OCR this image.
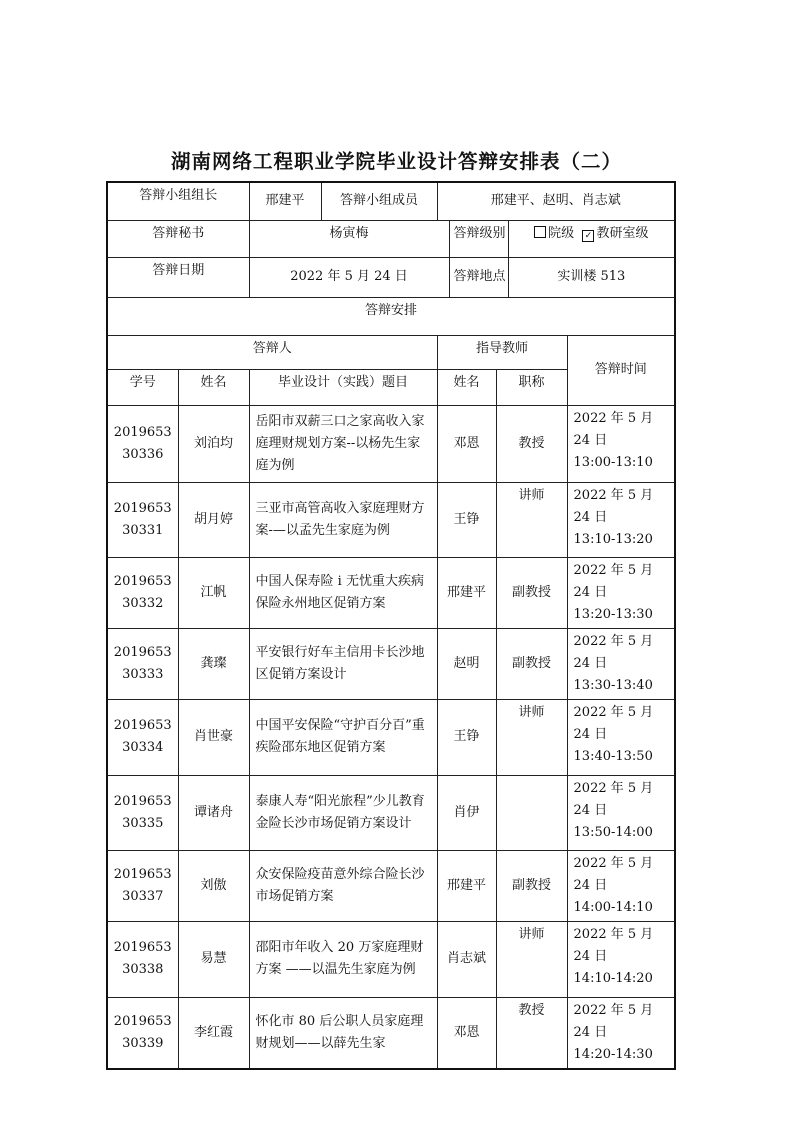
湖南网络工程职业学院毕业设计答辩安排表（二）
答辩小组组长		邢建平	答辩小组成员	邢建平、赵明、肖志斌				
答辩秘书		杨寅梅			答辩级别		院级 ✓ 教研室级	
答辩日期		2022 年 5 月 24 日			答辩地点		实训楼 513	
答辩安排								
答辩人				指导教师				答辩时间
学号	姓名	毕业设计（实践）题目		姓名		职称		

2019653
30336	刘泊均	岳阳市双薪三口之家高收入家庭理财规划方案--以杨先生家庭为例		邓恩		教授		2022 年 5 月 24 日
13:00-13:10

2019653
30331	胡月婷	三亚市高管高收入家庭理财方案-—以孟先生家庭为例		王铮		讲师		2022 年 5 月 24 日
13:10-13:20

2019653
30332	江帆	中国人保寿险 i 无忧重大疾病保险永州地区促销方案		邢建平		副教授		2022 年 5 月 24 日
13:20-13:30

2019653
30333	龚璨	平安银行好车主信用卡长沙地区促销方案设计		赵明		副教授		2022 年 5 月 24 日
13:30-13:40

2019653
30334	肖世豪	中国平安保险“守护百分百”重疾险邵东地区促销方案		王铮		讲师		2022 年 5 月 24 日
13:40-13:50

2019653
30335	谭诸舟	泰康人寿“阳光旅程”少儿教育金险长沙市场促销方案设计		肖伊				2022 年 5 月 24 日
13:50-14:00

2019653
30337	刘傲	众安保险疫苗意外综合险长沙市场促销方案		邢建平		副教授		2022 年 5 月 24 日
14:00-14:10

2019653
30338	易慧	邵阳市年收入 20 万家庭理财方案 ——以温先生家庭为例		肖志斌		讲师		2022 年 5 月 24 日
14:10-14:20

2019653
30339	李红霞	怀化市 80 后公职人员家庭理财规划——以薛先生家		邓恩		教授		2022 年 5 月 24 日
14:20-14:30
